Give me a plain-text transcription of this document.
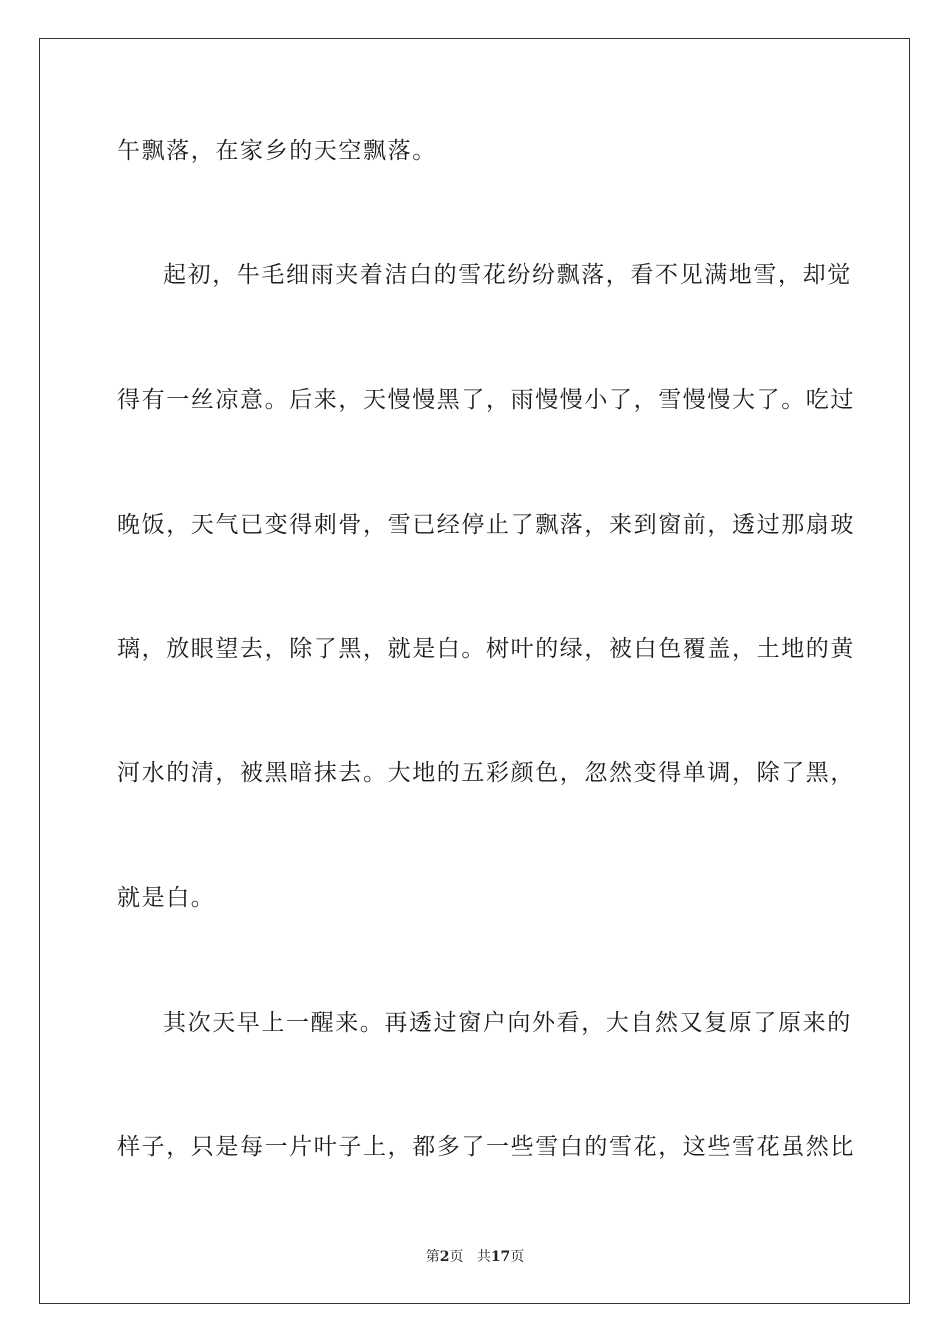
午飘落，在家乡的天空飘落。
起初，牛毛细雨夹着洁白的雪花纷纷飘落，看不见满地雪，却觉
得有一丝凉意。后来，天慢慢黑了，雨慢慢小了，雪慢慢大了。吃过
晚饭，天气已变得刺骨，雪已经停止了飘落，来到窗前，透过那扇玻
璃，放眼望去，除了黑，就是白。树叶的绿，被白色覆盖，土地的黄
河水的清，被黑暗抹去。大地的五彩颜色，忽然变得单调，除了黑，
就是白。
其次天早上一醒来。再透过窗户向外看，大自然又复原了原来的
样子，只是每一片叶子上，都多了一些雪白的雪花，这些雪花虽然比
第2页 共17页
